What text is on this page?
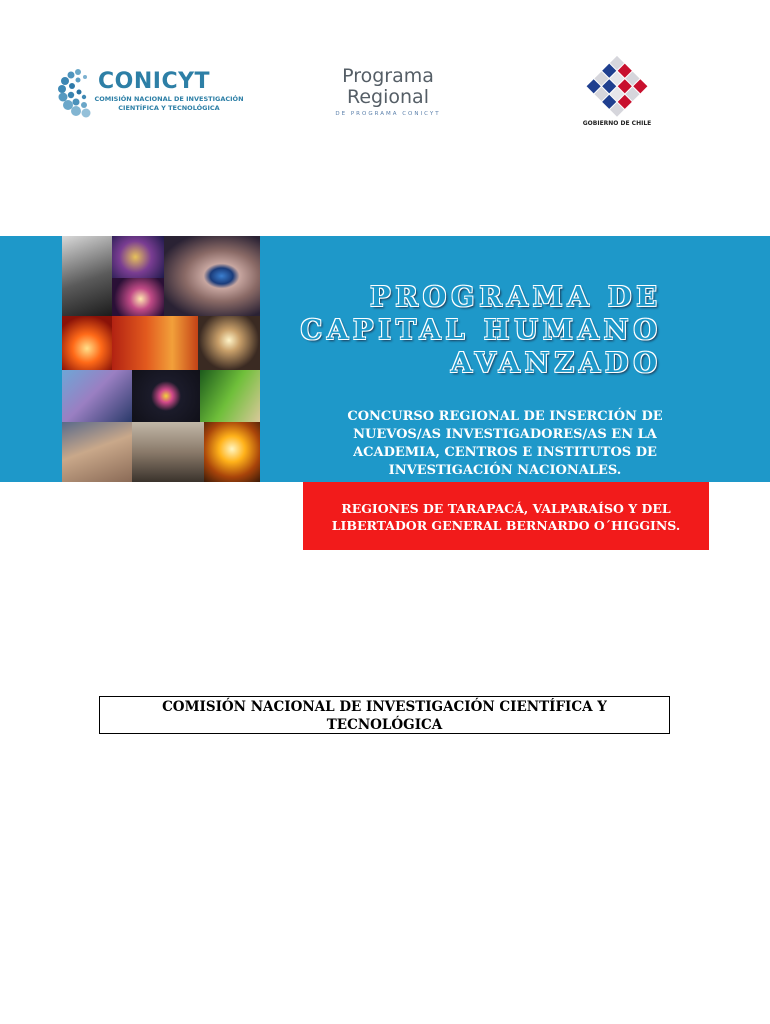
CONICYT
COMISIÓN NACIONAL DE INVESTIGACIÓN
CIENTÍFICA Y TECNOLÓGICA
Programa
Regional
DE PROGRAMA CONICYT
GOBIERNO DE CHILE
PROGRAMA DE
CAPITAL HUMANO
AVANZADO
CONCURSO REGIONAL DE INSERCIÓN DE
NUEVOS/AS INVESTIGADORES/AS EN LA
ACADEMIA, CENTROS E INSTITUTOS DE
INVESTIGACIÓN NACIONALES.
REGIONES DE TARAPACÁ, VALPARAÍSO Y DEL
LIBERTADOR GENERAL BERNARDO O´HIGGINS.
COMISIÓN NACIONAL DE INVESTIGACIÓN CIENTÍFICA Y
TECNOLÓGICA
